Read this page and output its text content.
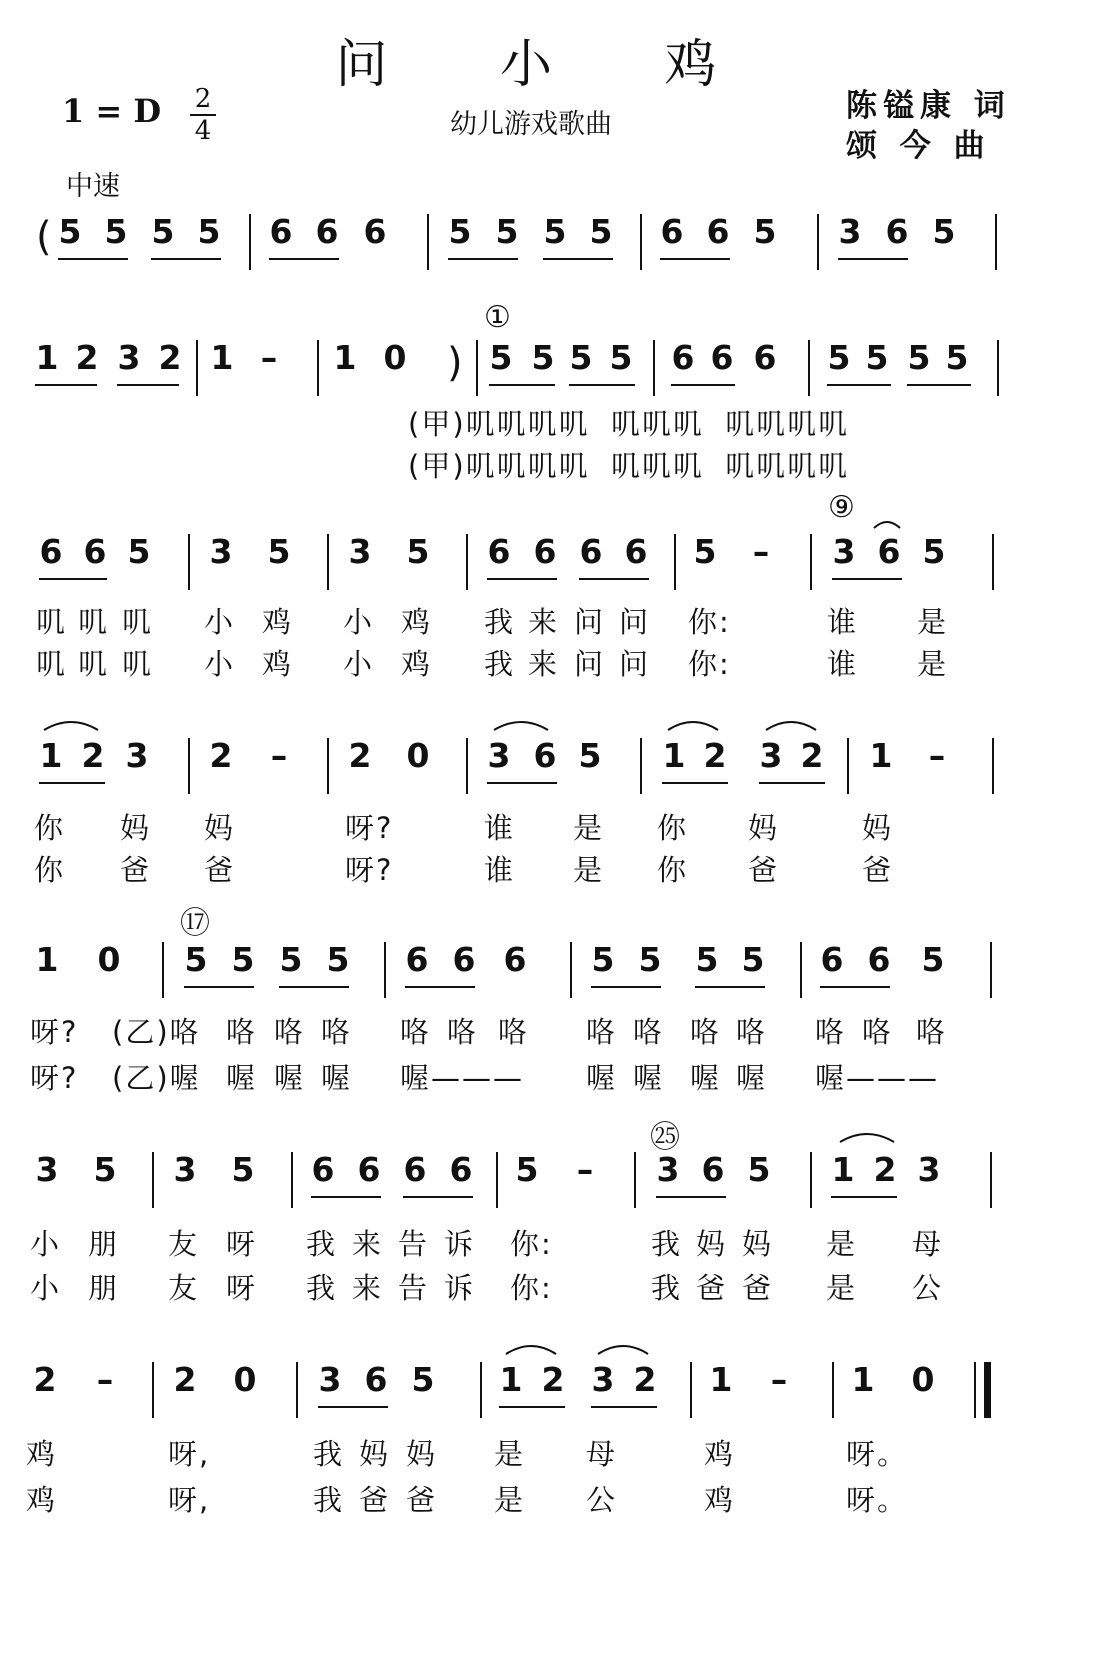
问 小 鸡
1 = D 2
4	幼儿游戏歌曲
陈镒康 词
颂 今 曲
中速
( 5 5 5 5 6 6 6 5 5 5 5 6 6 5 3 6 5
①
1 2 3 2 1 – 1 0 ) 5 5 5 5 6 6 6 5 5 5 5
(甲)叽叽叽叽 叽叽叽 叽叽叽叽
(甲)叽叽叽叽 叽叽叽 叽叽叽叽
⑨
6 6 5 3 5 3 5 6 6 6 6 5 – 3 6 5
叽 叽 叽 小 鸡 小 鸡 我 来 问 问 你:	谁 是
叽 叽 叽 小 鸡 小 鸡 我 来 问 问 你:	谁 是
1 2 3 2 – 2 0 3 6 5 1 2 3 2 1 –
你 妈 妈	呀?	谁 是 你 妈	妈
你 爸 爸	呀?	谁 是 你 爸	爸
⑰
1 0 5 5 5 5 6 6 6 5 5 5 5 6 6 5
呀? (乙)咯 咯 咯 咯 咯 咯 咯 咯 咯 咯 咯 咯 咯 咯
呀? (乙)喔 喔 喔 喔 喔——— 喔 喔 喔 喔 喔———
㉕
3 5 3 5 6 6 6 6 5 – 3 6 5 1 2 3
小 朋 友 呀 我 来 告 诉 你:	我 妈 妈 是 母
小 朋 友 呀 我 来 告 诉 你:	我 爸 爸 是 公
2 – 2 0 3 6 5 1 2 3 2 1 – 1 0
鸡	呀,	我 妈 妈 是 母	鸡	呀。
鸡	呀,	我 爸 爸 是 公	鸡	呀。
